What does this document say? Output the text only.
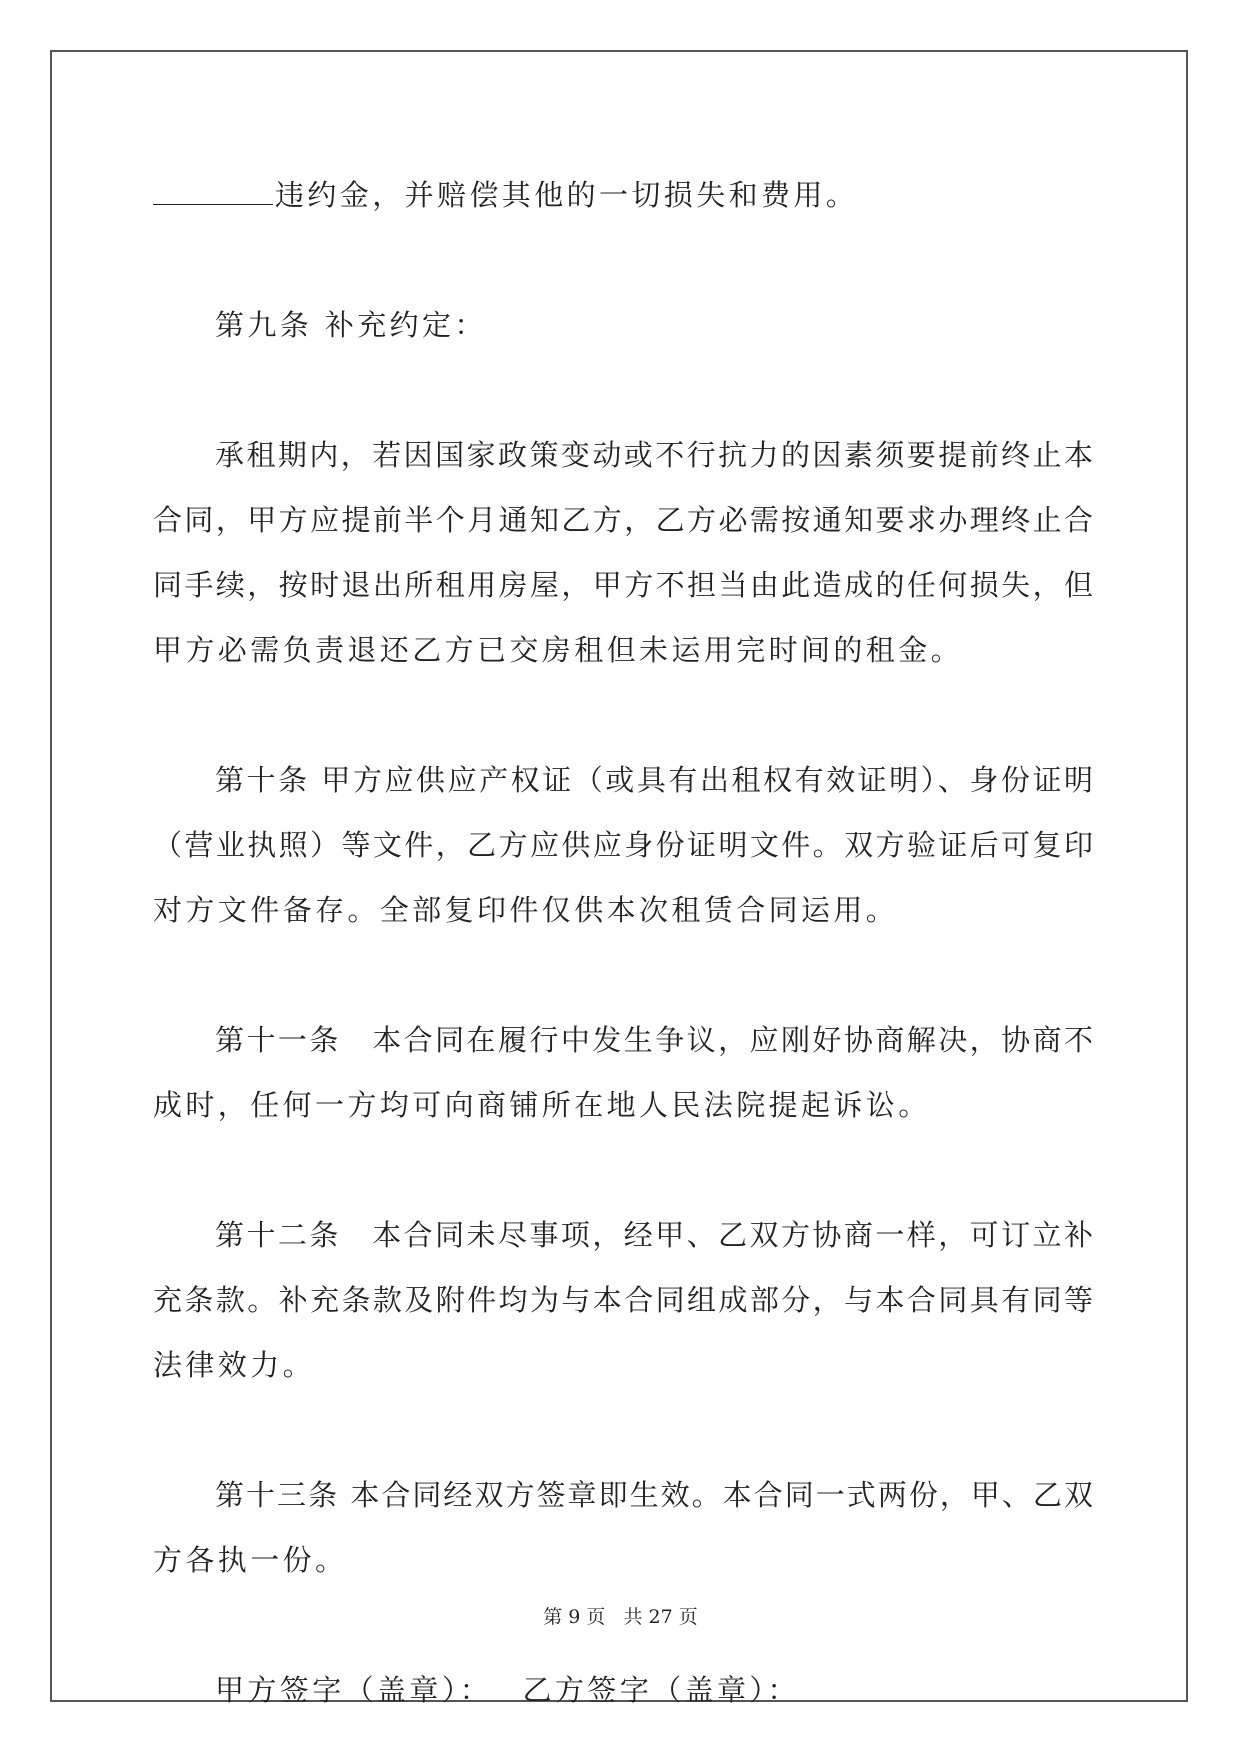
违约金，并赔偿其他的一切损失和费用。
第九条 补充约定：
承租期内，若因国家政策变动或不行抗力的因素须要提前终止本
合同，甲方应提前半个月通知乙方，乙方必需按通知要求办理终止合
同手续，按时退出所租用房屋，甲方不担当由此造成的任何损失，但
甲方必需负责退还乙方已交房租但未运用完时间的租金。
第十条 甲方应供应产权证（或具有出租权有效证明）、身份证明
（营业执照）等文件，乙方应供应身份证明文件。双方验证后可复印
对方文件备存。全部复印件仅供本次租赁合同运用。
第十一条　本合同在履行中发生争议，应刚好协商解决，协商不
成时，任何一方均可向商铺所在地人民法院提起诉讼。
第十二条　本合同未尽事项，经甲、乙双方协商一样，可订立补
充条款。补充条款及附件均为与本合同组成部分，与本合同具有同等
法律效力。
第十三条 本合同经双方签章即生效。本合同一式两份，甲、乙双
方各执一份。
甲方签字（盖章）：　 乙方签字（盖章）：
第 9 页 共 27 页
